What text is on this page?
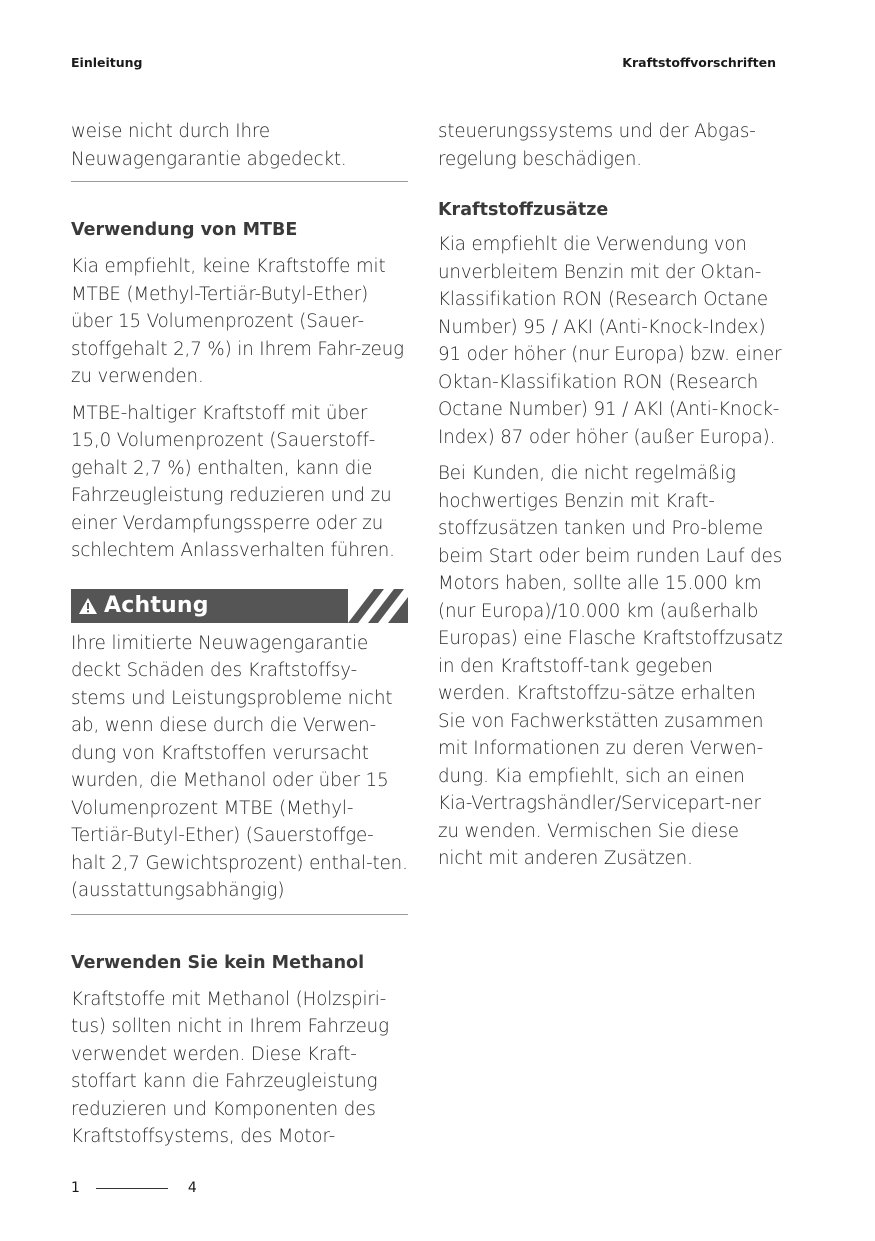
Einleitung	Kraftstoffvorschriften

weise nicht durch Ihre Neuwagengarantie abgedeckt.

Verwendung von MTBE

Kia empfiehlt, keine Kraftstoffe mit MTBE (Methyl-Tertiär-Butyl-Ether) über 15 Volumenprozent (Sauer-stoffgehalt 2,7 %) in Ihrem Fahr-zeug zu verwenden.

MTBE-haltiger Kraftstoff mit über 15,0 Volumenprozent (Sauerstoff-gehalt 2,7 %) enthalten, kann die Fahrzeugleistung reduzieren und zu einer Verdampfungssperre oder zu schlechtem Anlassverhalten führen.

Achtung

Ihre limitierte Neuwagengarantie deckt Schäden des Kraftstoffsy-stems und Leistungsprobleme nicht ab, wenn diese durch die Verwen-dung von Kraftstoffen verursacht wurden, die Methanol oder über 15 Volumenprozent MTBE (Methyl-Tertiär-Butyl-Ether) (Sauerstoffge-halt 2,7 Gewichtsprozent) enthal-ten. (ausstattungsabhängig)

Verwenden Sie kein Methanol

Kraftstoffe mit Methanol (Holzspiri-tus) sollten nicht in Ihrem Fahrzeug verwendet werden. Diese Kraft-stoffart kann die Fahrzeugleistung reduzieren und Komponenten des Kraftstoffsystems, des Motor-

steuerungssystems und der Abgas-regelung beschädigen.

Kraftstoffzusätze

Kia empfiehlt die Verwendung von unverbleitem Benzin mit der Oktan-Klassifikation RON (Research Octane Number) 95 / AKI (Anti-Knock-Index) 91 oder höher (nur Europa) bzw. einer Oktan-Klassifikation RON (Research Octane Number) 91 / AKI (Anti-Knock-Index) 87 oder höher (außer Europa).

Bei Kunden, die nicht regelmäßig hochwertiges Benzin mit Kraft-stoffzusätzen tanken und Pro-bleme beim Start oder beim runden Lauf des Motors haben, sollte alle 15.000 km (nur Europa)/10.000 km (außerhalb Europas) eine Flasche Kraftstoffzusatz in den Kraftstoff-tank gegeben werden. Kraftstoffzu-sätze erhalten Sie von Fachwerkstätten zusammen mit Informationen zu deren Verwen-dung. Kia empfiehlt, sich an einen Kia-Vertragshändler/Servicepart-ner zu wenden. Vermischen Sie diese nicht mit anderen Zusätzen.

1	4
